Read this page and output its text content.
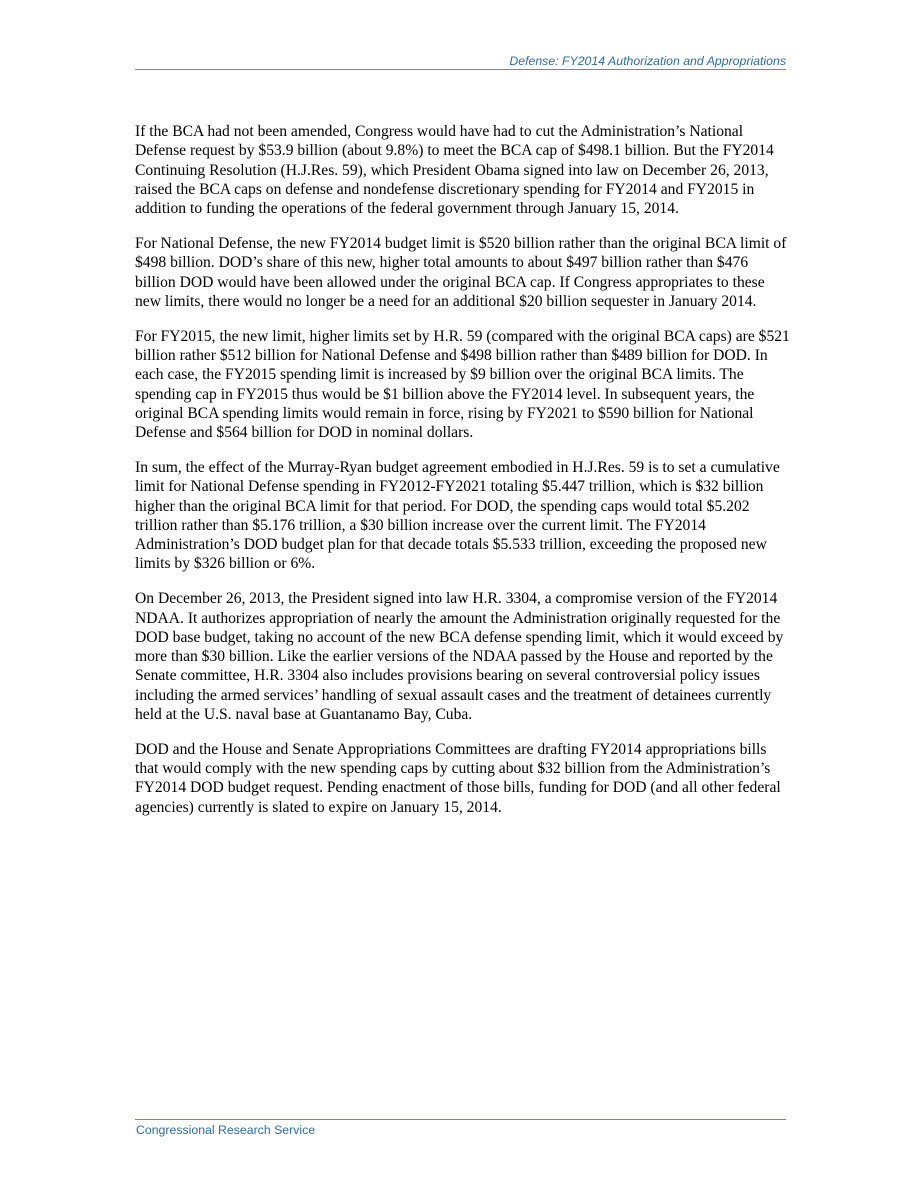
Defense: FY2014 Authorization and Appropriations

If the BCA had not been amended, Congress would have had to cut the Administration’s National Defense request by $53.9 billion (about 9.8%) to meet the BCA cap of $498.1 billion. But the FY2014 Continuing Resolution (H.J.Res. 59), which President Obama signed into law on December 26, 2013, raised the BCA caps on defense and nondefense discretionary spending for FY2014 and FY2015 in addition to funding the operations of the federal government through January 15, 2014.

For National Defense, the new FY2014 budget limit is $520 billion rather than the original BCA limit of $498 billion. DOD’s share of this new, higher total amounts to about $497 billion rather than $476 billion DOD would have been allowed under the original BCA cap. If Congress appropriates to these new limits, there would no longer be a need for an additional $20 billion sequester in January 2014.

For FY2015, the new limit, higher limits set by H.R. 59 (compared with the original BCA caps) are $521 billion rather $512 billion for National Defense and $498 billion rather than $489 billion for DOD. In each case, the FY2015 spending limit is increased by $9 billion over the original BCA limits. The spending cap in FY2015 thus would be $1 billion above the FY2014 level. In subsequent years, the original BCA spending limits would remain in force, rising by FY2021 to $590 billion for National Defense and $564 billion for DOD in nominal dollars.

In sum, the effect of the Murray-Ryan budget agreement embodied in H.J.Res. 59 is to set a cumulative limit for National Defense spending in FY2012-FY2021 totaling $5.447 trillion, which is $32 billion higher than the original BCA limit for that period. For DOD, the spending caps would total $5.202 trillion rather than $5.176 trillion, a $30 billion increase over the current limit. The FY2014 Administration’s DOD budget plan for that decade totals $5.533 trillion, exceeding the proposed new limits by $326 billion or 6%.

On December 26, 2013, the President signed into law H.R. 3304, a compromise version of the FY2014 NDAA. It authorizes appropriation of nearly the amount the Administration originally requested for the DOD base budget, taking no account of the new BCA defense spending limit, which it would exceed by more than $30 billion. Like the earlier versions of the NDAA passed by the House and reported by the Senate committee, H.R. 3304 also includes provisions bearing on several controversial policy issues including the armed services’ handling of sexual assault cases and the treatment of detainees currently held at the U.S. naval base at Guantanamo Bay, Cuba.

DOD and the House and Senate Appropriations Committees are drafting FY2014 appropriations bills that would comply with the new spending caps by cutting about $32 billion from the Administration’s FY2014 DOD budget request. Pending enactment of those bills, funding for DOD (and all other federal agencies) currently is slated to expire on January 15, 2014.

Congressional Research Service
